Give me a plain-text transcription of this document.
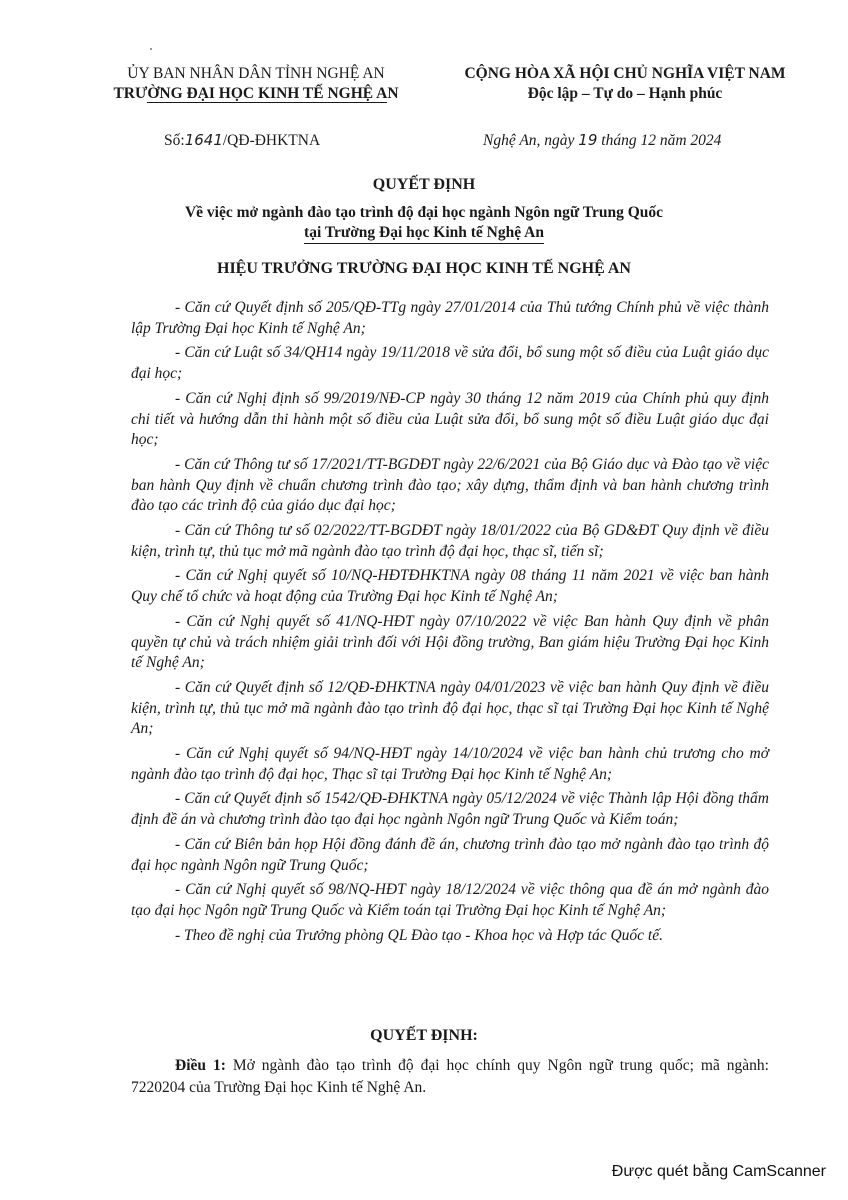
ỦY BAN NHÂN DÂN TỈNH NGHỆ AN
TRƯỜNG ĐẠI HỌC KINH TẾ NGHỆ AN
CỘNG HÒA XÃ HỘI CHỦ NGHĨA VIỆT NAM
Độc lập – Tự do – Hạnh phúc
Số:1641/QĐ-ĐHKTNA	Nghệ An, ngày 19 tháng 12 năm 2024
QUYẾT ĐỊNH
Về việc mở ngành đào tạo trình độ đại học ngành Ngôn ngữ Trung Quốc
tại Trường Đại học Kinh tế Nghệ An
HIỆU TRƯỞNG TRƯỜNG ĐẠI HỌC KINH TẾ NGHỆ AN

- Căn cứ Quyết định số 205/QĐ-TTg ngày 27/01/2014 của Thủ tướng Chính phủ về việc thành lập Trường Đại học Kinh tế Nghệ An;

- Căn cứ Luật số 34/QH14 ngày 19/11/2018 về sửa đổi, bổ sung một số điều của Luật giáo dục đại học;

- Căn cứ Nghị định số 99/2019/NĐ-CP ngày 30 tháng 12 năm 2019 của Chính phủ quy định chi tiết và hướng dẫn thi hành một số điều của Luật sửa đổi, bổ sung một số điều Luật giáo dục đại học;

- Căn cứ Thông tư số 17/2021/TT-BGDĐT ngày 22/6/2021 của Bộ Giáo dục và Đào tạo về việc ban hành Quy định về chuẩn chương trình đào tạo; xây dựng, thẩm định và ban hành chương trình đào tạo các trình độ của giáo dục đại học;

- Căn cứ Thông tư số 02/2022/TT-BGDĐT ngày 18/01/2022 của Bộ GD&ĐT Quy định về điều kiện, trình tự, thủ tục mở mã ngành đào tạo trình độ đại học, thạc sĩ, tiến sĩ;

- Căn cứ Nghị quyết số 10/NQ-HĐTĐHKTNA ngày 08 tháng 11 năm 2021 về việc ban hành Quy chế tổ chức và hoạt động của Trường Đại học Kinh tế Nghệ An;

- Căn cứ Nghị quyết số 41/NQ-HĐT ngày 07/10/2022 về việc Ban hành Quy định về phân quyền tự chủ và trách nhiệm giải trình đối với Hội đồng trường, Ban giám hiệu Trường Đại học Kinh tế Nghệ An;

- Căn cứ Quyết định số 12/QĐ-ĐHKTNA ngày 04/01/2023 về việc ban hành Quy định về điều kiện, trình tự, thủ tục mở mã ngành đào tạo trình độ đại học, thạc sĩ tại Trường Đại học Kinh tế Nghệ An;

- Căn cứ Nghị quyết số 94/NQ-HĐT ngày 14/10/2024 về việc ban hành chủ trương cho mở ngành đào tạo trình độ đại học, Thạc sĩ tại Trường Đại học Kinh tế Nghệ An;

- Căn cứ Quyết định số 1542/QĐ-ĐHKTNA ngày 05/12/2024 về việc Thành lập Hội đồng thẩm định đề án và chương trình đào tạo đại học ngành Ngôn ngữ Trung Quốc và Kiểm toán;

- Căn cứ Biên bản họp Hội đồng đánh đề án, chương trình đào tạo mở ngành đào tạo trình độ đại học ngành Ngôn ngữ Trung Quốc;

- Căn cứ Nghị quyết số 98/NQ-HĐT ngày 18/12/2024 về việc thông qua đề án mở ngành đào tạo đại học Ngôn ngữ Trung Quốc và Kiểm toán tại Trường Đại học Kinh tế Nghệ An;

- Theo đề nghị của Trưởng phòng QL Đào tạo - Khoa học và Hợp tác Quốc tế.

QUYẾT ĐỊNH:
Điều 1: Mở ngành đào tạo trình độ đại học chính quy Ngôn ngữ trung quốc; mã ngành: 7220204 của Trường Đại học Kinh tế Nghệ An.
Được quét bằng CamScanner
